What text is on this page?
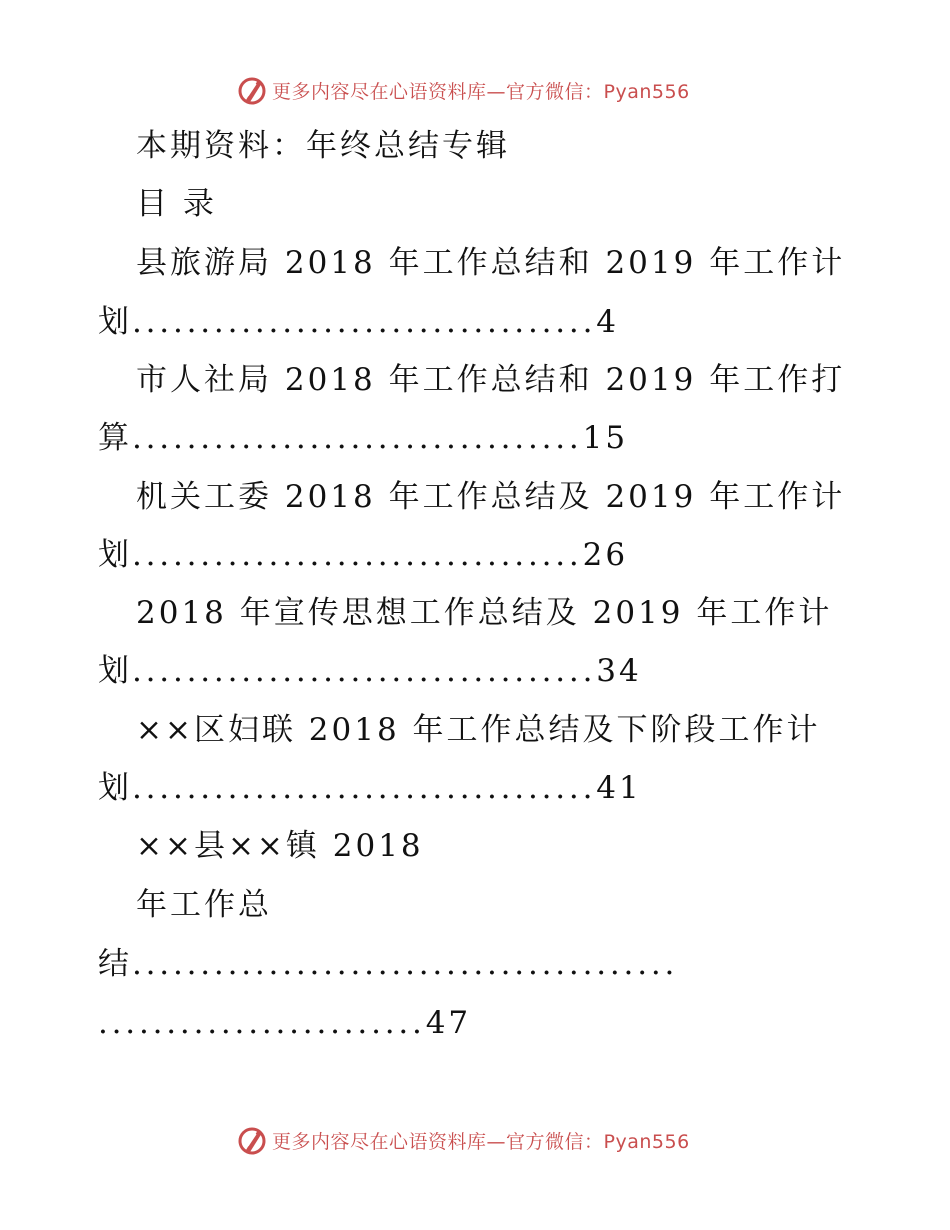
更多内容尽在心语资料库—官方微信：Pyan556
本期资料：年终总结专辑
目 录
县旅游局 2018 年工作总结和 2019 年工作计
划..................................4
市人社局 2018 年工作总结和 2019 年工作打
算.................................15
机关工委 2018 年工作总结及 2019 年工作计
划.................................26
2018 年宣传思想工作总结及 2019 年工作计
划..................................34
××区妇联 2018 年工作总结及下阶段工作计
划..................................41
××县××镇 2018
年工作总
结........................................
........................47
更多内容尽在心语资料库—官方微信：Pyan556
